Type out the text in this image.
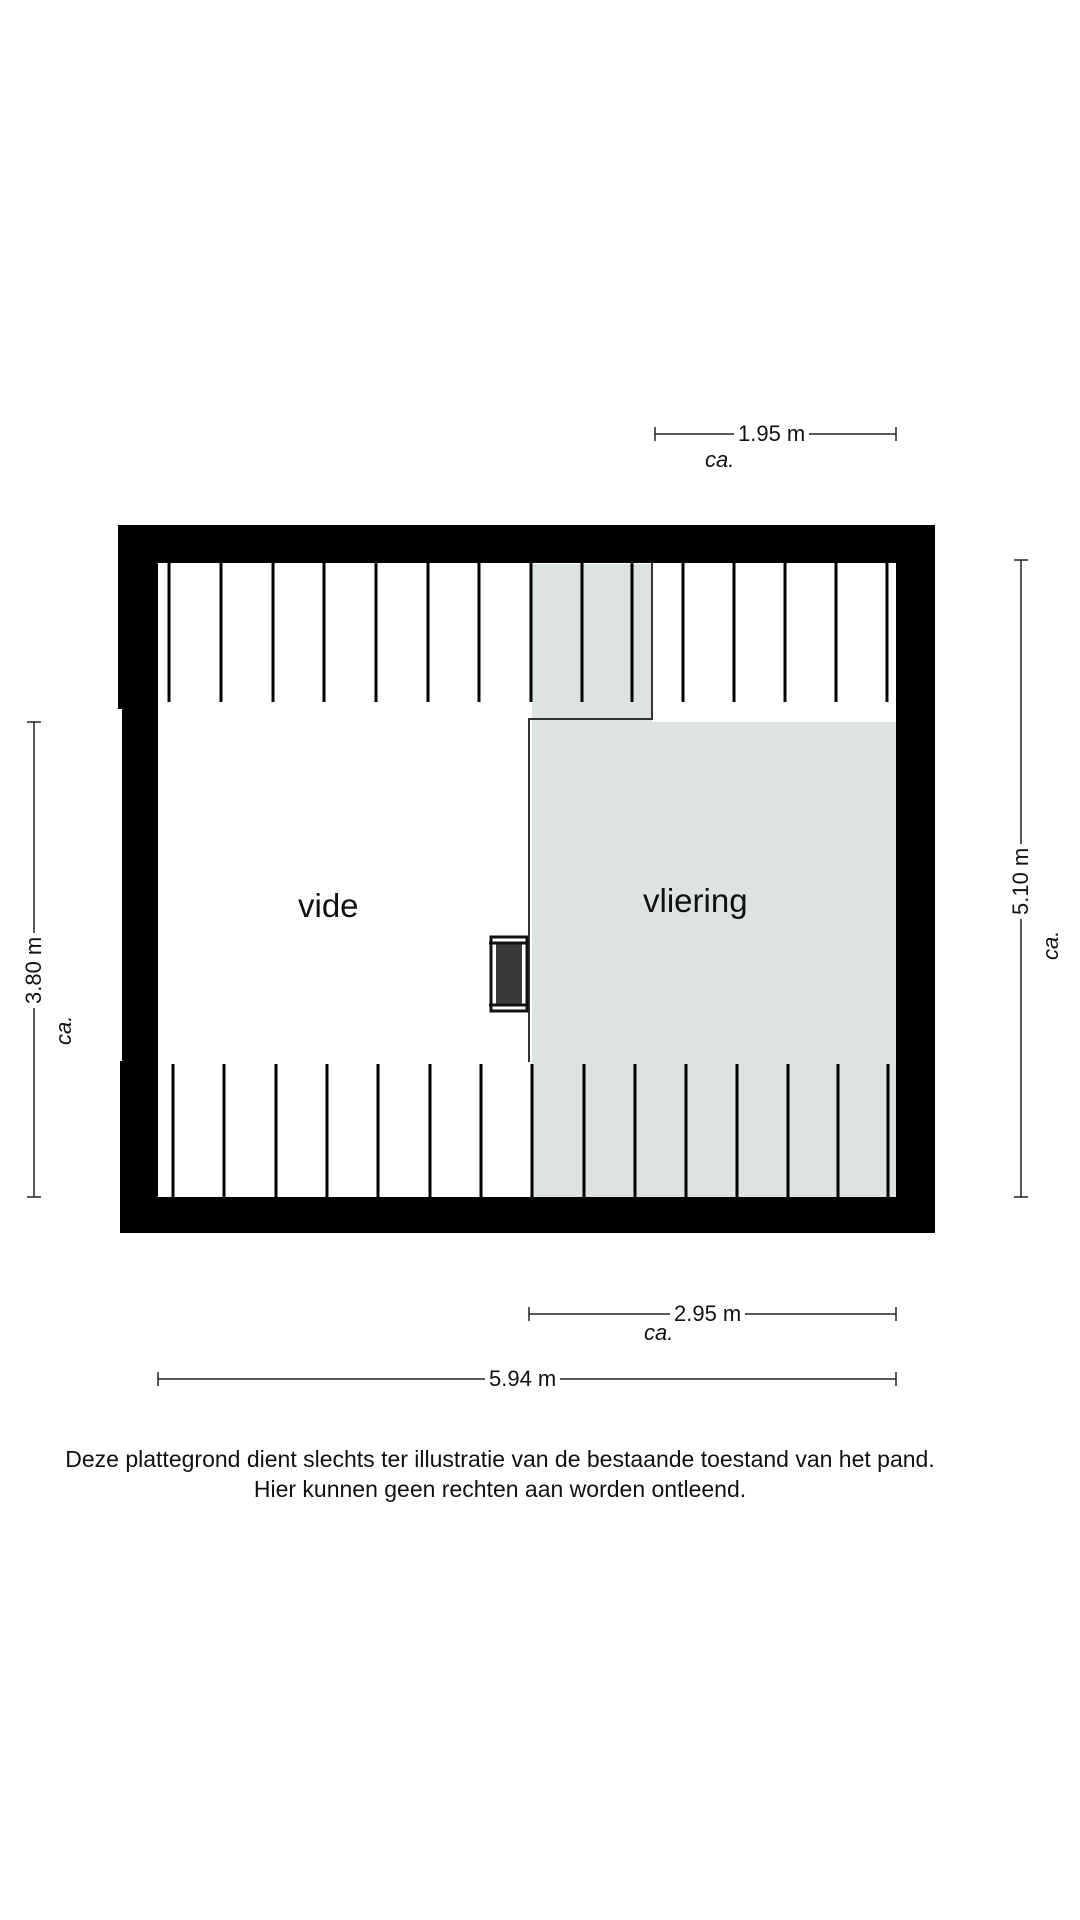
vide	vliering
1.95 m
ca.
5.10 m
ca.
3.80 m
ca.
2.95 m
ca.
5.94 m
Deze plattegrond dient slechts ter illustratie van de bestaande toestand van het pand.
Hier kunnen geen rechten aan worden ontleend.
